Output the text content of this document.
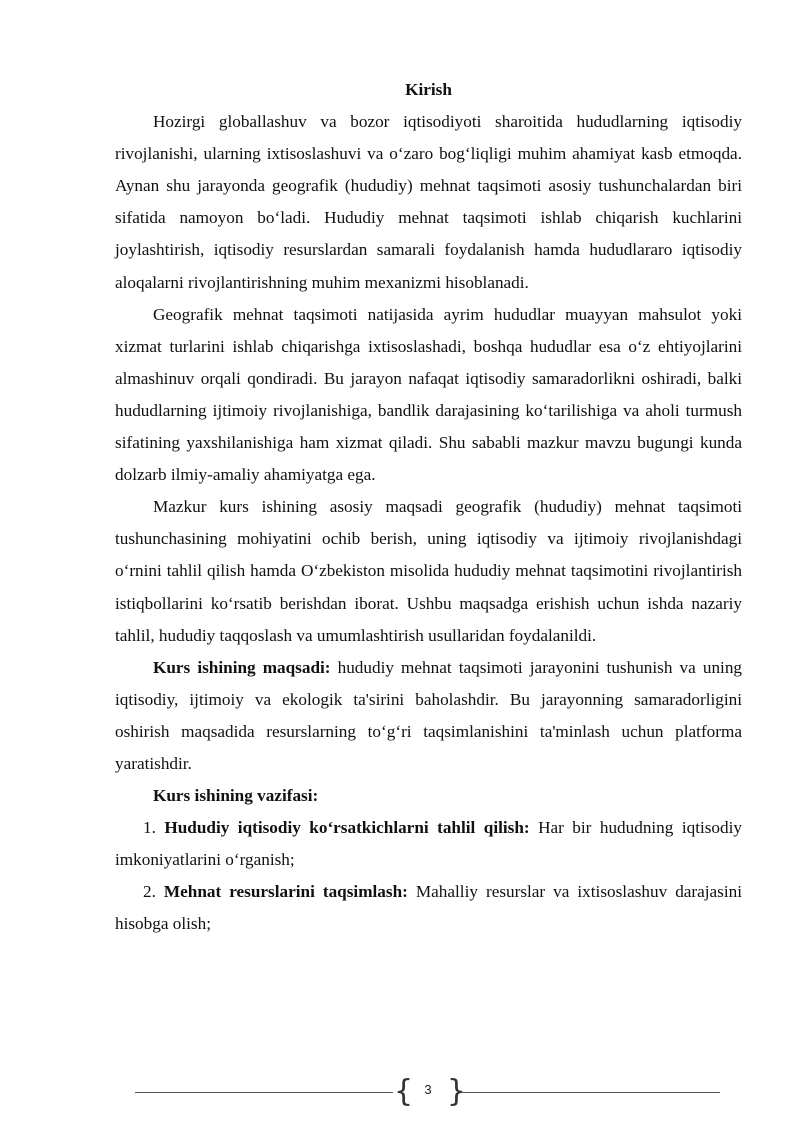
Kirish

Hozirgi globallashuv va bozor iqtisodiyoti sharoitida hududlarning iqtisodiy rivojlanishi, ularning ixtisoslashuvi va o‘zaro bog‘liqligi muhim ahamiyat kasb etmoqda. Aynan shu jarayonda geografik (hududiy) mehnat taqsimoti asosiy tushunchalardan biri sifatida namoyon bo‘ladi. Hududiy mehnat taqsimoti ishlab chiqarish kuchlarini joylashtirish, iqtisodiy resurslardan samarali foydalanish hamda hududlararo iqtisodiy aloqalarni rivojlantirishning muhim mexanizmi hisoblanadi.

Geografik mehnat taqsimoti natijasida ayrim hududlar muayyan mahsulot yoki xizmat turlarini ishlab chiqarishga ixtisoslashadi, boshqa hududlar esa o‘z ehtiyojlarini almashinuv orqali qondiradi. Bu jarayon nafaqat iqtisodiy samaradorlikni oshiradi, balki hududlarning ijtimoiy rivojlanishiga, bandlik darajasining ko‘tarilishiga va aholi turmush sifatining yaxshilanishiga ham xizmat qiladi. Shu sababli mazkur mavzu bugungi kunda dolzarb ilmiy-amaliy ahamiyatga ega.

Mazkur kurs ishining asosiy maqsadi geografik (hududiy) mehnat taqsimoti tushunchasining mohiyatini ochib berish, uning iqtisodiy va ijtimoiy rivojlanishdagi o‘rnini tahlil qilish hamda O‘zbekiston misolida hududiy mehnat taqsimotini rivojlantirish istiqbollarini ko‘rsatib berishdan iborat. Ushbu maqsadga erishish uchun ishda nazariy tahlil, hududiy taqqoslash va umumlashtirish usullaridan foydalanildi.

Kurs ishining maqsadi: hududiy mehnat taqsimoti jarayonini tushunish va uning iqtisodiy, ijtimoiy va ekologik ta'sirini baholashdir. Bu jarayonning samaradorligini oshirish maqsadida resurslarning to‘g‘ri taqsimlanishini ta'minlash uchun platforma yaratishdir.

Kurs ishining vazifasi:
1. Hududiy iqtisodiy ko‘rsatkichlarni tahlil qilish: Har bir hududning iqtisodiy imkoniyatlarini o‘rganish;
2. Mehnat resurslarini taqsimlash: Mahalliy resurslar va ixtisoslashuv darajasini hisobga olish;
{ 3 }
